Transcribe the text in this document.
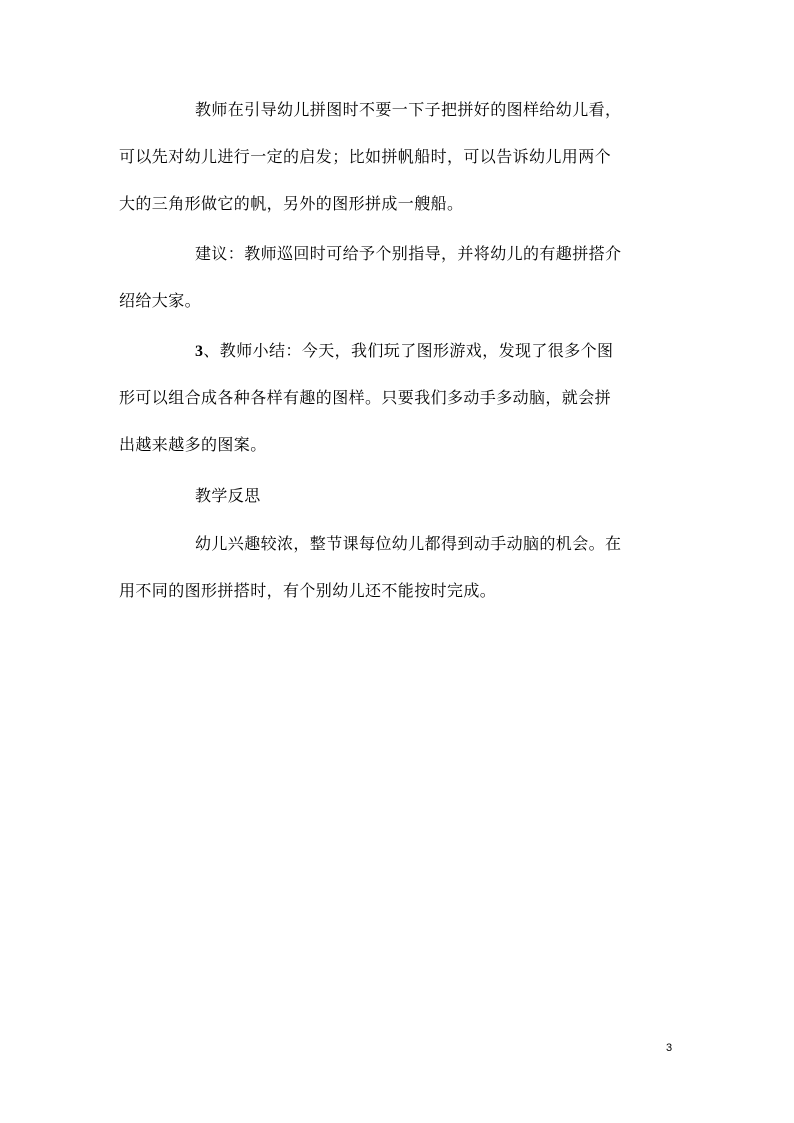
教师在引导幼儿拼图时不要一下子把拼好的图样给幼儿看，
可以先对幼儿进行一定的启发；比如拼帆船时，可以告诉幼儿用两个
大的三角形做它的帆，另外的图形拼成一艘船。
建议：教师巡回时可给予个别指导，并将幼儿的有趣拼搭介
绍给大家。
3、教师小结：今天，我们玩了图形游戏，发现了很多个图
形可以组合成各种各样有趣的图样。只要我们多动手多动脑，就会拼
出越来越多的图案。
教学反思
幼儿兴趣较浓，整节课每位幼儿都得到动手动脑的机会。在
用不同的图形拼搭时，有个别幼儿还不能按时完成。
3
